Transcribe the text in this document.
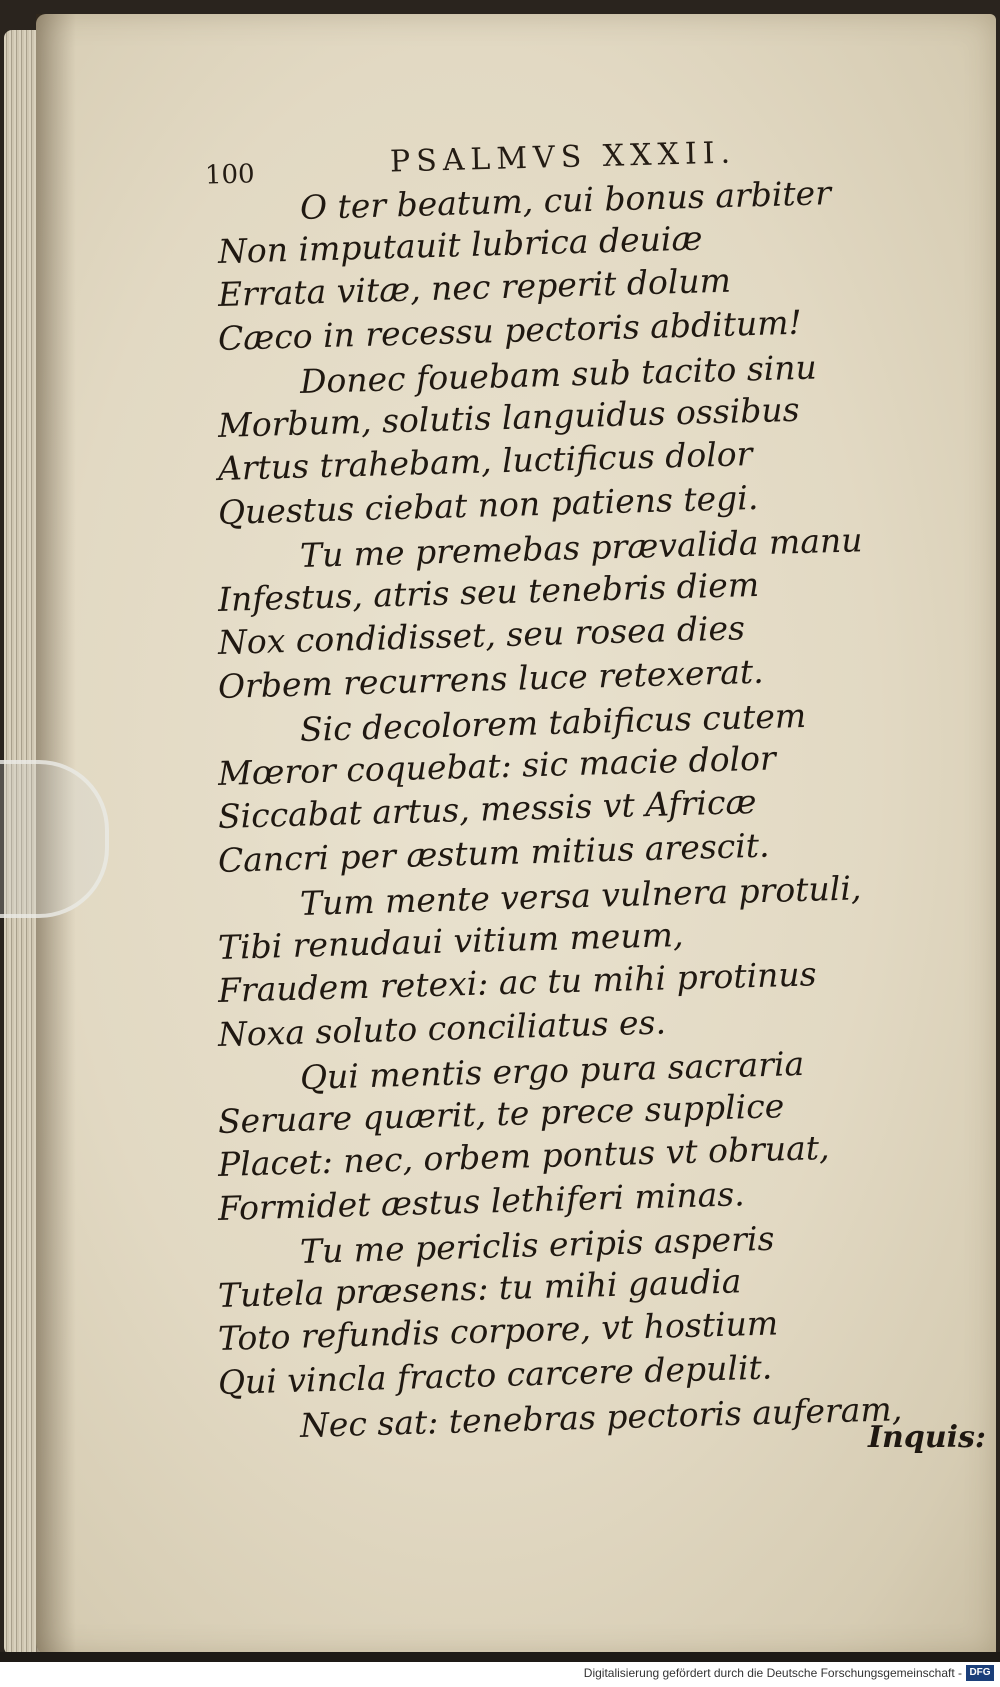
100	PSALMVS XXXII.
O ter beatum, cui bonus arbiter
Non imputauit lubrica deuiæ
Errata vitæ, nec reperit dolum
Cæco in recessu pectoris abditum!
Donec fouebam sub tacito sinu
Morbum, solutis languidus ossibus
Artus trahebam, luctificus dolor
Questus ciebat non patiens tegi.
Tu me premebas prævalida manu
Infestus, atris seu tenebris diem
Nox condidisset, seu rosea dies
Orbem recurrens luce retexerat.
Sic decolorem tabificus cutem
Mœror coquebat: sic macie dolor
Siccabat artus, messis vt Africæ
Cancri per æstum mitius arescit.
Tum mente versa vulnera protuli,
Tibi renudaui vitium meum,
Fraudem retexi: ac tu mihi protinus
Noxa soluto conciliatus es.
Qui mentis ergo pura sacraria
Seruare quærit, te prece supplice
Placet: nec, orbem pontus vt obruat,
Formidet æstus lethiferi minas.
Tu me periclis eripis asperis
Tutela præsens: tu mihi gaudia
Toto refundis corpore, vt hostium
Qui vincla fracto carcere depulit.
Nec sat: tenebras pectoris auferam,
Inquis:
Digitalisierung gefördert durch die Deutsche Forschungsgemeinschaft - DFG
